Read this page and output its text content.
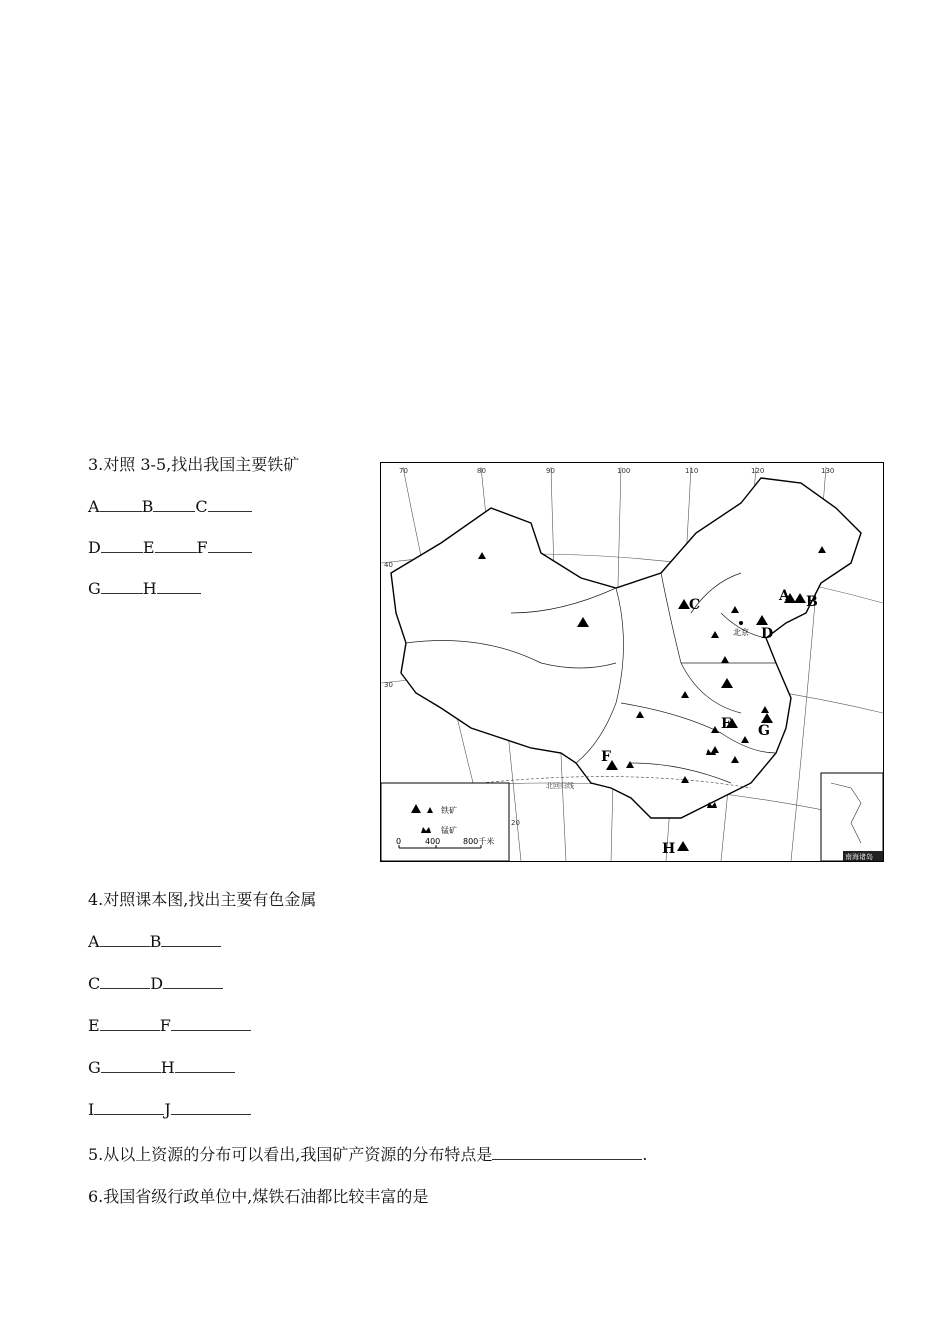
3.对照 3-5,找出我国主要铁矿
A	B	C
D	E	F
G	H
北回归线
70	80	90	100	110	120	130
40
30
20
北京
A B
C
D
E
F
G
H
铁矿
锰矿
0	400	800千米
南海诸岛
4.对照课本图,找出主要有色金属
A	B
C	D
E	F
G	H
I	J
5.从以上资源的分布可以看出,我国矿产资源的分布特点是	.
6.我国省级行政单位中,煤铁石油都比较丰富的是
